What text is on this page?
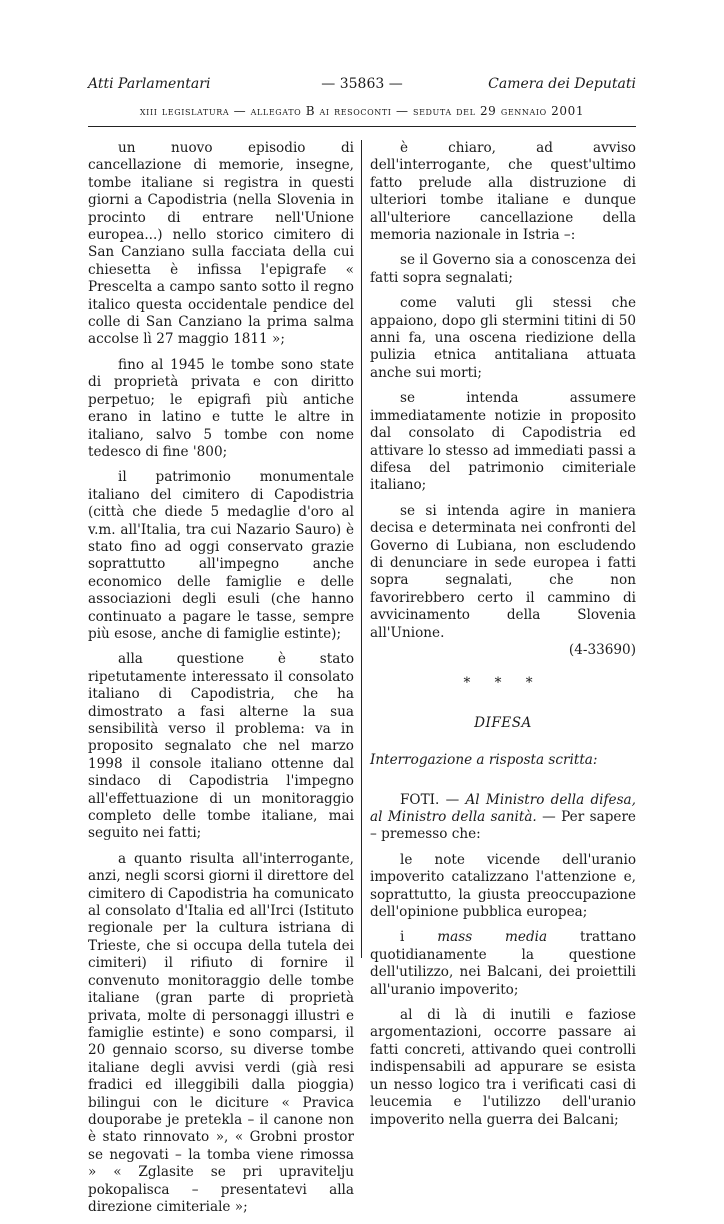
Atti Parlamentari	— 35863 —	Camera dei Deputati
xiii legislatura — allegato B ai resoconti — seduta del 29 gennaio 2001

un nuovo episodio di cancellazione di memorie, insegne, tombe italiane si registra in questi giorni a Capodistria (nella Slovenia in procinto di entrare nell'Unione europea...) nello storico cimitero di San Canziano sulla facciata della cui chiesetta è infissa l'epigrafe « Prescelta a campo santo sotto il regno italico questa occidentale pendice del colle di San Canziano la prima salma accolse lì 27 maggio 1811 »;

fino al 1945 le tombe sono state di proprietà privata e con diritto perpetuo; le epigrafi più antiche erano in latino e tutte le altre in italiano, salvo 5 tombe con nome tedesco di fine '800;

il patrimonio monumentale italiano del cimitero di Capodistria (città che diede 5 medaglie d'oro al v.m. all'Italia, tra cui Nazario Sauro) è stato fino ad oggi conservato grazie soprattutto all'impegno anche economico delle famiglie e delle associazioni degli esuli (che hanno continuato a pagare le tasse, sempre più esose, anche di famiglie estinte);

alla questione è stato ripetutamente interessato il consolato italiano di Capodistria, che ha dimostrato a fasi alterne la sua sensibilità verso il problema: va in proposito segnalato che nel marzo 1998 il console italiano ottenne dal sindaco di Capodistria l'impegno all'effettuazione di un monitoraggio completo delle tombe italiane, mai seguito nei fatti;

a quanto risulta all'interrogante, anzi, negli scorsi giorni il direttore del cimitero di Capodistria ha comunicato al consolato d'Italia ed all'Irci (Istituto regionale per la cultura istriana di Trieste, che si occupa della tutela dei cimiteri) il rifiuto di fornire il convenuto monitoraggio delle tombe italiane (gran parte di proprietà privata, molte di personaggi illustri e famiglie estinte) e sono comparsi, il 20 gennaio scorso, su diverse tombe italiane degli avvisi verdi (già resi fradici ed illeggibili dalla pioggia) bilingui con le diciture « Pravica douporabe je pretekla – il canone non è stato rinnovato », « Grobni prostor se negovati – la tomba viene rimossa » « Zglasite se pri upravitelju pokopalisca – presentatevi alla direzione cimiteriale »;

è chiaro, ad avviso dell'interrogante, che quest'ultimo fatto prelude alla distruzione di ulteriori tombe italiane e dunque all'ulteriore cancellazione della memoria nazionale in Istria –:

se il Governo sia a conoscenza dei fatti sopra segnalati;

come valuti gli stessi che appaiono, dopo gli stermini titini di 50 anni fa, una oscena riedizione della pulizia etnica antitaliana attuata anche sui morti;

se intenda assumere immediatamente notizie in proposito dal consolato di Capodistria ed attivare lo stesso ad immediati passi a difesa del patrimonio cimiteriale italiano;

se si intenda agire in maniera decisa e determinata nei confronti del Governo di Lubiana, non escludendo di denunciare in sede europea i fatti sopra segnalati, che non favorirebbero certo il cammino di avvicinamento della Slovenia all'Unione.

(4-33690)
* * *
DIFESA
Interrogazione a risposta scritta:

FOTI. — Al Ministro della difesa, al Ministro della sanità. — Per sapere – premesso che:

le note vicende dell'uranio impoverito catalizzano l'attenzione e, soprattutto, la giusta preoccupazione dell'opinione pubblica europea;

i mass media trattano quotidianamente la questione dell'utilizzo, nei Balcani, dei proiettili all'uranio impoverito;

al di là di inutili e faziose argomentazioni, occorre passare ai fatti concreti, attivando quei controlli indispensabili ad appurare se esista un nesso logico tra i verificati casi di leucemia e l'utilizzo dell'uranio impoverito nella guerra dei Balcani;
